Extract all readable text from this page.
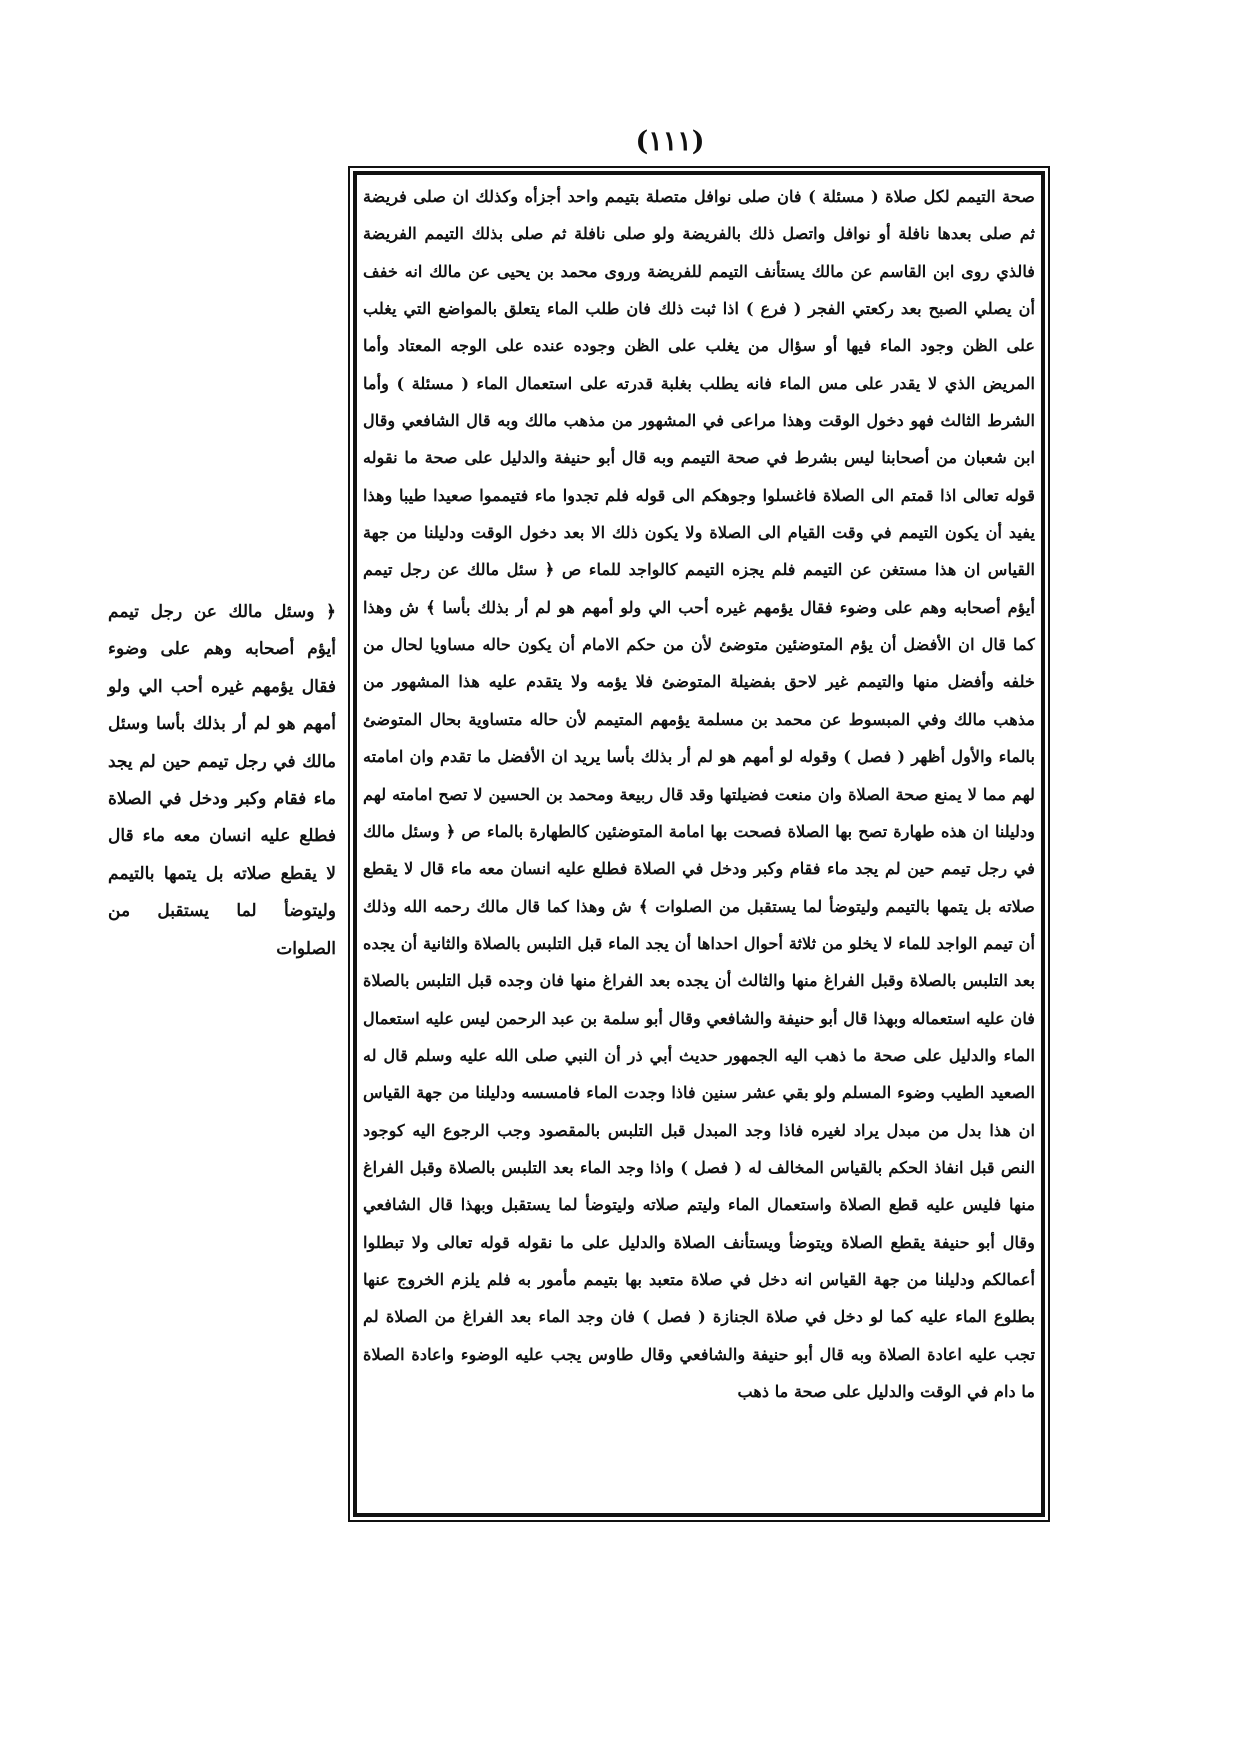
(١١١)

صحة التيمم لكل صلاة ( مسئلة ) فان صلى نوافل متصلة بتيمم واحد أجزأه وكذلك ان صلى فريضة ثم صلى بعدها نافلة أو نوافل واتصل ذلك بالفريضة ولو صلى نافلة ثم صلى بذلك التيمم الفريضة فالذي روى ابن القاسم عن مالك يستأنف التيمم للفريضة وروى محمد بن يحيى عن مالك انه خفف أن يصلي الصبح بعد ركعتي الفجر ( فرع ) اذا ثبت ذلك فان طلب الماء يتعلق بالمواضع التي يغلب على الظن وجود الماء فيها أو سؤال من يغلب على الظن وجوده عنده على الوجه المعتاد وأما المريض الذي لا يقدر على مس الماء فانه يطلب بغلبة قدرته على استعمال الماء ( مسئلة ) وأما الشرط الثالث فهو دخول الوقت وهذا مراعى في المشهور من مذهب مالك وبه قال الشافعي وقال ابن شعبان من أصحابنا ليس بشرط في صحة التيمم وبه قال أبو حنيفة والدليل على صحة ما نقوله قوله تعالى اذا قمتم الى الصلاة فاغسلوا وجوهكم الى قوله فلم تجدوا ماء فتيمموا صعيدا طيبا وهذا يفيد أن يكون التيمم في وقت القيام الى الصلاة ولا يكون ذلك الا بعد دخول الوقت ودليلنا من جهة القياس ان هذا مستغن عن التيمم فلم يجزه التيمم كالواجد للماء ص ﴿ سئل مالك عن رجل تيمم أيؤم أصحابه وهم على وضوء فقال يؤمهم غيره أحب الي ولو أمهم هو لم أر بذلك بأسا ﴾ ش وهذا كما قال ان الأفضل أن يؤم المتوضئين متوضئ لأن من حكم الامام أن يكون حاله مساويا لحال من خلفه وأفضل منها والتيمم غير لاحق بفضيلة المتوضئ فلا يؤمه ولا يتقدم عليه هذا المشهور من مذهب مالك وفي المبسوط عن محمد بن مسلمة يؤمهم المتيمم لأن حاله متساوية بحال المتوضئ بالماء والأول أظهر ( فصل ) وقوله لو أمهم هو لم أر بذلك بأسا يريد ان الأفضل ما تقدم وان امامته لهم مما لا يمنع صحة الصلاة وان منعت فضيلتها وقد قال ربيعة ومحمد بن الحسين لا تصح امامته لهم ودليلنا ان هذه طهارة تصح بها الصلاة فصحت بها امامة المتوضئين كالطهارة بالماء ص ﴿ وسئل مالك في رجل تيمم حين لم يجد ماء فقام وكبر ودخل في الصلاة فطلع عليه انسان معه ماء قال لا يقطع صلاته بل يتمها بالتيمم وليتوضأ لما يستقبل من الصلوات ﴾ ش وهذا كما قال مالك رحمه الله وذلك أن تيمم الواجد للماء لا يخلو من ثلاثة أحوال احداها أن يجد الماء قبل التلبس بالصلاة والثانية أن يجده بعد التلبس بالصلاة وقبل الفراغ منها والثالث أن يجده بعد الفراغ منها فان وجده قبل التلبس بالصلاة فان عليه استعماله وبهذا قال أبو حنيفة والشافعي وقال أبو سلمة بن عبد الرحمن ليس عليه استعمال الماء والدليل على صحة ما ذهب اليه الجمهور حديث أبي ذر أن النبي صلى الله عليه وسلم قال له الصعيد الطيب وضوء المسلم ولو بقي عشر سنين فاذا وجدت الماء فامسسه ودليلنا من جهة القياس ان هذا بدل من مبدل يراد لغيره فاذا وجد المبدل قبل التلبس بالمقصود وجب الرجوع اليه كوجود النص قبل انفاذ الحكم بالقياس المخالف له ( فصل ) واذا وجد الماء بعد التلبس بالصلاة وقبل الفراغ منها فليس عليه قطع الصلاة واستعمال الماء وليتم صلاته وليتوضأ لما يستقبل وبهذا قال الشافعي وقال أبو حنيفة يقطع الصلاة ويتوضأ ويستأنف الصلاة والدليل على ما نقوله قوله تعالى ولا تبطلوا أعمالكم ودليلنا من جهة القياس انه دخل في صلاة متعبد بها بتيمم مأمور به فلم يلزم الخروج عنها بطلوع الماء عليه كما لو دخل في صلاة الجنازة ( فصل ) فان وجد الماء بعد الفراغ من الصلاة لم تجب عليه اعادة الصلاة وبه قال أبو حنيفة والشافعي وقال طاوس يجب عليه الوضوء واعادة الصلاة ما دام في الوقت والدليل على صحة ما ذهب

﴿ وسئل مالك عن رجل تيمم أيؤم أصحابه وهم على وضوء فقال يؤمهم غيره أحب الي ولو أمهم هو لم أر بذلك بأسا وسئل مالك في رجل تيمم حين لم يجد ماء فقام وكبر ودخل في الصلاة فطلع عليه انسان معه ماء قال لا يقطع صلاته بل يتمها بالتيمم وليتوضأ لما يستقبل من الصلوات
